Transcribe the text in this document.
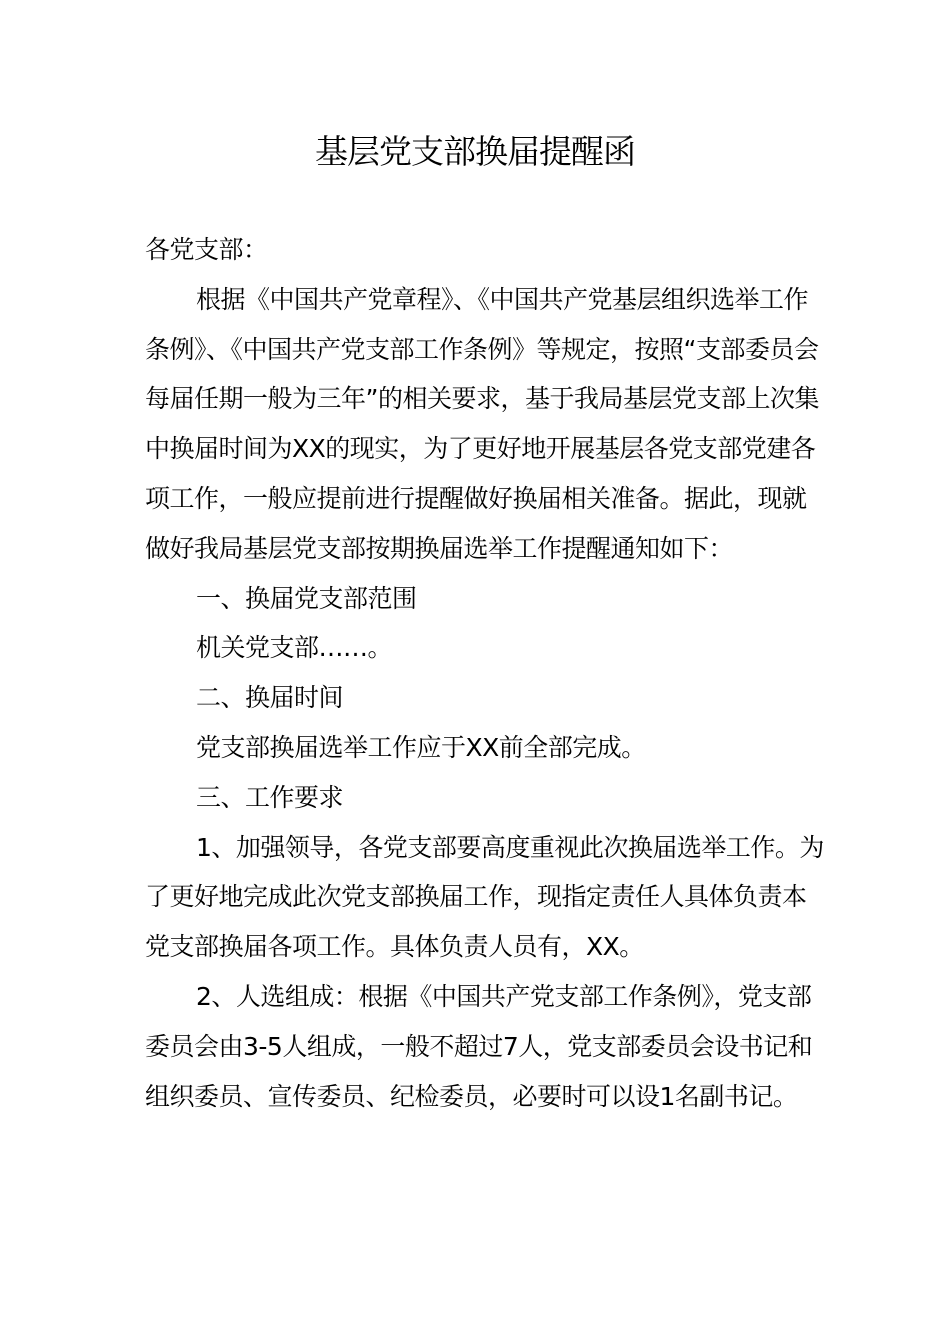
基层党支部换届提醒函

各党支部：

根据《中国共产党章程》、《中国共产党基层组织选举工作条例》、《中国共产党支部工作条例》等规定，按照“支部委员会每届任期一般为三年”的相关要求，基于我局基层党支部上次集中换届时间为XX的现实，为了更好地开展基层各党支部党建各项工作，一般应提前进行提醒做好换届相关准备。据此，现就做好我局基层党支部按期换届选举工作提醒通知如下：

一、换届党支部范围

机关党支部……。

二、换届时间

党支部换届选举工作应于XX前全部完成。

三、工作要求

1、加强领导，各党支部要高度重视此次换届选举工作。为了更好地完成此次党支部换届工作，现指定责任人具体负责本党支部换届各项工作。具体负责人员有，XX。

2、人选组成：根据《中国共产党支部工作条例》，党支部委员会由3-5人组成，一般不超过7人，党支部委员会设书记和组织委员、宣传委员、纪检委员，必要时可以设1名副书记。
